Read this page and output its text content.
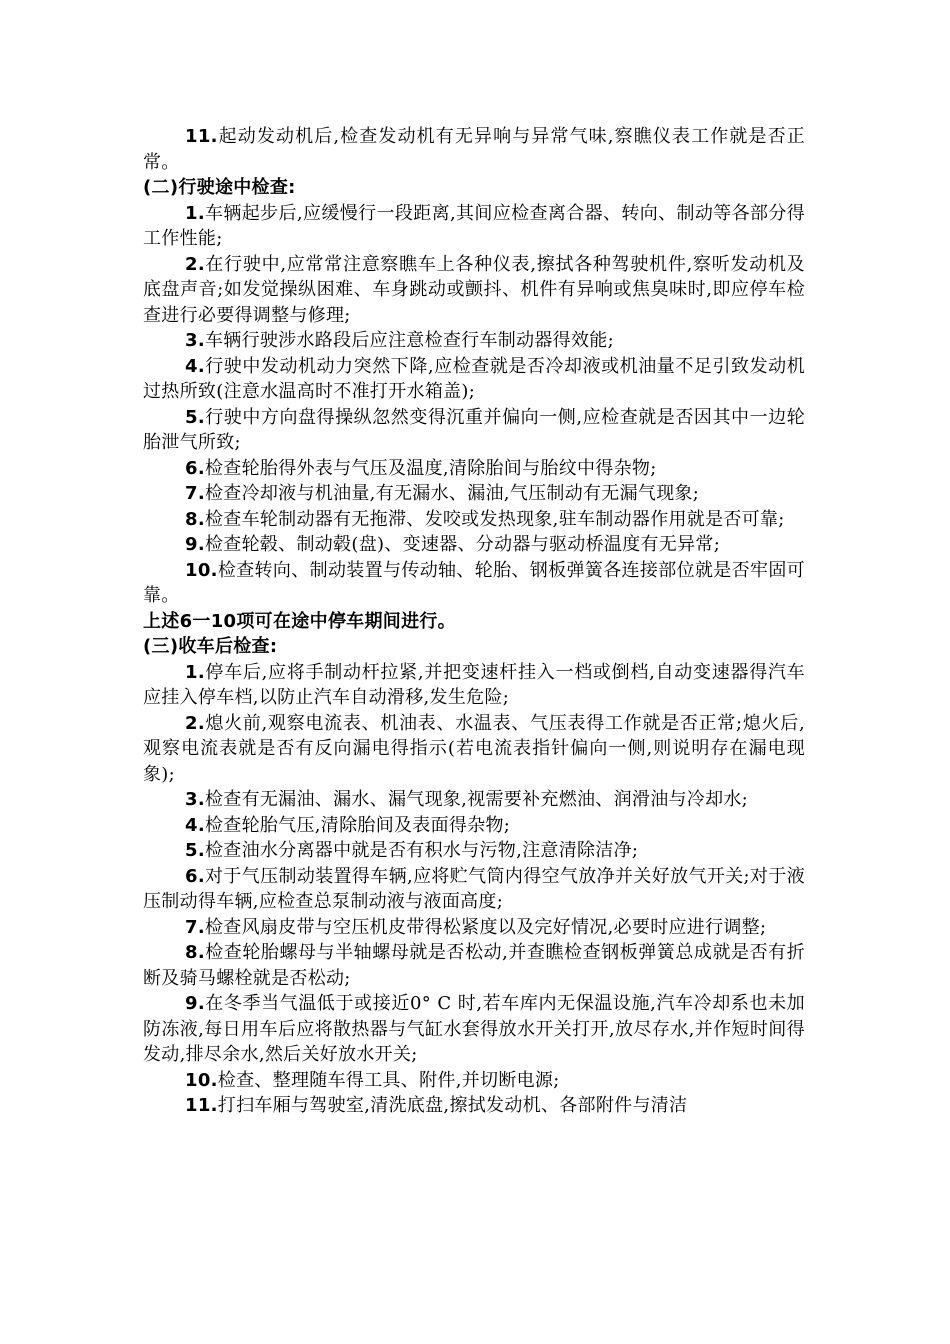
11.起动发动机后,检查发动机有无异响与异常气味,察瞧仪表工作就是否正常。

(二)行驶途中检查:

1.车辆起步后,应缓慢行一段距离,其间应检查离合器、转向、制动等各部分得工作性能;

2.在行驶中,应常常注意察瞧车上各种仪表,擦拭各种驾驶机件,察听发动机及底盘声音;如发觉操纵困难、车身跳动或颤抖、机件有异响或焦臭味时,即应停车检查进行必要得调整与修理;

3.车辆行驶涉水路段后应注意检查行车制动器得效能;

4.行驶中发动机动力突然下降,应检查就是否冷却液或机油量不足引致发动机过热所致(注意水温高时不准打开水箱盖);

5.行驶中方向盘得操纵忽然变得沉重并偏向一侧,应检查就是否因其中一边轮胎泄气所致;

6.检查轮胎得外表与气压及温度,清除胎间与胎纹中得杂物;

7.检查冷却液与机油量,有无漏水、漏油,气压制动有无漏气现象;

8.检查车轮制动器有无拖滞、发咬或发热现象,驻车制动器作用就是否可靠;

9.检查轮毂、制动毂(盘)、变速器、分动器与驱动桥温度有无异常;

10.检查转向、制动装置与传动轴、轮胎、钢板弹簧各连接部位就是否牢固可靠。

上述6一10项可在途中停车期间进行。

(三)收车后检查:

1.停车后,应将手制动杆拉紧,并把变速杆挂入一档或倒档,自动变速器得汽车应挂入停车档,以防止汽车自动滑移,发生危险;

2.熄火前,观察电流表、机油表、水温表、气压表得工作就是否正常;熄火后,观察电流表就是否有反向漏电得指示(若电流表指针偏向一侧,则说明存在漏电现象);

3.检查有无漏油、漏水、漏气现象,视需要补充燃油、润滑油与冷却水;

4.检查轮胎气压,清除胎间及表面得杂物;

5.检查油水分离器中就是否有积水与污物,注意清除洁净;

6.对于气压制动装置得车辆,应将贮气筒内得空气放净并关好放气开关;对于液压制动得车辆,应检查总泵制动液与液面高度;

7.检查风扇皮带与空压机皮带得松紧度以及完好情况,必要时应进行调整;

8.检查轮胎螺母与半轴螺母就是否松动,并查瞧检查钢板弹簧总成就是否有折断及骑马螺栓就是否松动;

9.在冬季当气温低于或接近0° C 时,若车库内无保温设施,汽车冷却系也未加防冻液,每日用车后应将散热器与气缸水套得放水开关打开,放尽存水,并作短时间得发动,排尽余水,然后关好放水开关;

10.检查、整理随车得工具、附件,并切断电源;

11.打扫车厢与驾驶室,清洗底盘,擦拭发动机、各部附件与清洁
